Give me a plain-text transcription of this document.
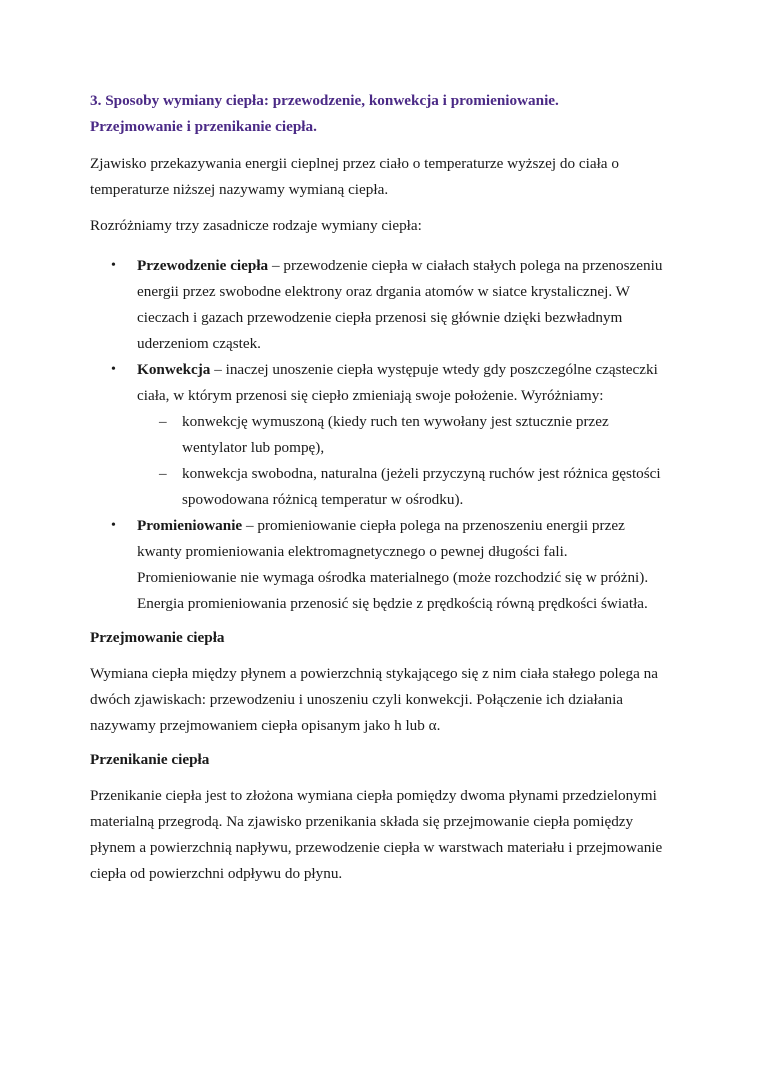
3. Sposoby wymiany ciepła: przewodzenie, konwekcja i promieniowanie.

Przejmowanie i przenikanie ciepła.

Zjawisko przekazywania energii cieplnej przez ciało o temperaturze wyższej do ciała o temperaturze niższej nazywamy wymianą ciepła.

Rozróżniamy trzy zasadnicze rodzaje wymiany ciepła:

• Przewodzenie ciepła – przewodzenie ciepła w ciałach stałych polega na przenoszeniu energii przez swobodne elektrony oraz drgania atomów w siatce krystalicznej. W cieczach i gazach przewodzenie ciepła przenosi się głównie dzięki bezwładnym uderzeniom cząstek.
• Konwekcja – inaczej unoszenie ciepła występuje wtedy gdy poszczególne cząsteczki ciała, w którym przenosi się ciepło zmieniają swoje położenie. Wyróżniamy:
– konwekcję wymuszoną (kiedy ruch ten wywołany jest sztucznie przez wentylator lub pompę),
– konwekcja swobodna, naturalna (jeżeli przyczyną ruchów jest różnica gęstości spowodowana różnicą temperatur w ośrodku).
• Promieniowanie – promieniowanie ciepła polega na przenoszeniu energii przez kwanty promieniowania elektromagnetycznego o pewnej długości fali. Promieniowanie nie wymaga ośrodka materialnego (może rozchodzić się w próżni). Energia promieniowania przenosić się będzie z prędkością równą prędkości światła.

Przejmowanie ciepła

Wymiana ciepła między płynem a powierzchnią stykającego się z nim ciała stałego polega na dwóch zjawiskach: przewodzeniu i unoszeniu czyli konwekcji. Połączenie ich działania nazywamy przejmowaniem ciepła opisanym jako h lub α.

Przenikanie ciepła

Przenikanie ciepła jest to złożona wymiana ciepła pomiędzy dwoma płynami przedzielonymi materialną przegrodą. Na zjawisko przenikania składa się przejmowanie ciepła pomiędzy płynem a powierzchnią napływu, przewodzenie ciepła w warstwach materiału i przejmowanie ciepła od powierzchni odpływu do płynu.
